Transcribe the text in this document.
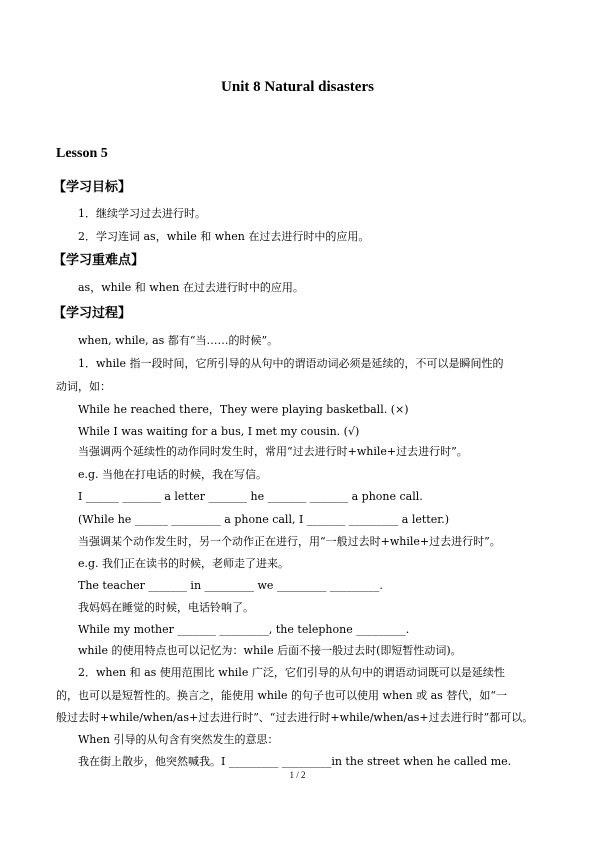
Unit 8 Natural disasters
Lesson 5
【学习目标】
1．继续学习过去进行时。
2．学习连词 as，while 和 when 在过去进行时中的应用。
【学习重难点】
as，while 和 when 在过去进行时中的应用。
【学习过程】
when, while, as 都有“当……的时候”。
1．while 指一段时间，它所引导的从句中的谓语动词必须是延续的，不可以是瞬间性的
动词，如：
While he reached there，They were playing basketball. (×)
While I was waiting for a bus, I met my cousin. (√)
当强调两个延续性的动作同时发生时，常用“过去进行时+while+过去进行时”。
e.g. 当他在打电话的时候，我在写信。
I ______ _______ a letter _______ he _______ _______ a phone call.
(While he ______ _________ a phone call, I _______ _________ a letter.)
当强调某个动作发生时，另一个动作正在进行，用“一般过去时+while+过去进行时”。
e.g. 我们正在读书的时候，老师走了进来。
The teacher _______ in _________ we _________ _________.
我妈妈在睡觉的时候，电话铃响了。
While my mother _______ _________, the telephone _________.
while 的使用特点也可以记忆为：while 后面不接一般过去时(即短暂性动词)。
2．when 和 as 使用范围比 while 广泛，它们引导的从句中的谓语动词既可以是延续性
的，也可以是短暂性的。换言之，能使用 while 的句子也可以使用 when 或 as 替代，如“一
般过去时+while/when/as+过去进行时”、“过去进行时+while/when/as+过去进行时”都可以。
When 引导的从句含有突然发生的意思：
我在街上散步，他突然喊我。I _________ _________in the street when he called me.
1 / 2
